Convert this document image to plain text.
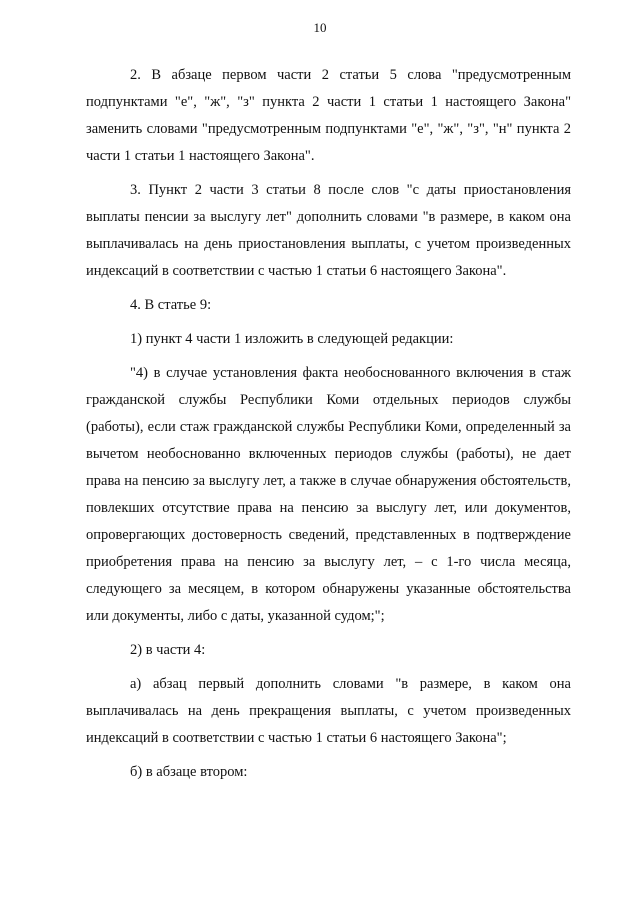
10

2. В абзаце первом части 2 статьи 5 слова "предусмотренным подпунктами "е", "ж", "з" пункта 2 части 1 статьи 1 настоящего Закона" заменить словами "предусмотренным подпунктами "е", "ж", "з", "н" пункта 2 части 1 статьи 1 настоящего Закона".

3. Пункт 2 части 3 статьи 8 после слов "с даты приостановления выплаты пенсии за выслугу лет" дополнить словами "в размере, в каком она выплачивалась на день приостановления выплаты, с учетом произведенных индексаций в соответствии с частью 1 статьи 6 настоящего Закона".

4. В статье 9:

1) пункт 4 части 1 изложить в следующей редакции:

"4) в случае установления факта необоснованного включения в стаж гражданской службы Республики Коми отдельных периодов службы (работы), если стаж гражданской службы Республики Коми, определенный за вычетом необоснованно включенных периодов службы (работы), не дает права на пенсию за выслугу лет, а также в случае обнаружения обстоятельств, повлекших отсутствие права на пенсию за выслугу лет, или документов, опровергающих достоверность сведений, представленных в подтверждение приобретения права на пенсию за выслугу лет, – с 1-го числа месяца, следующего за месяцем, в котором обнаружены указанные обстоятельства или документы, либо с даты, указанной судом;";

2) в части 4:

а) абзац первый дополнить словами "в размере, в каком она выплачивалась на день прекращения выплаты, с учетом произведенных индексаций в соответствии с частью 1 статьи 6 настоящего Закона";

б) в абзаце втором:
